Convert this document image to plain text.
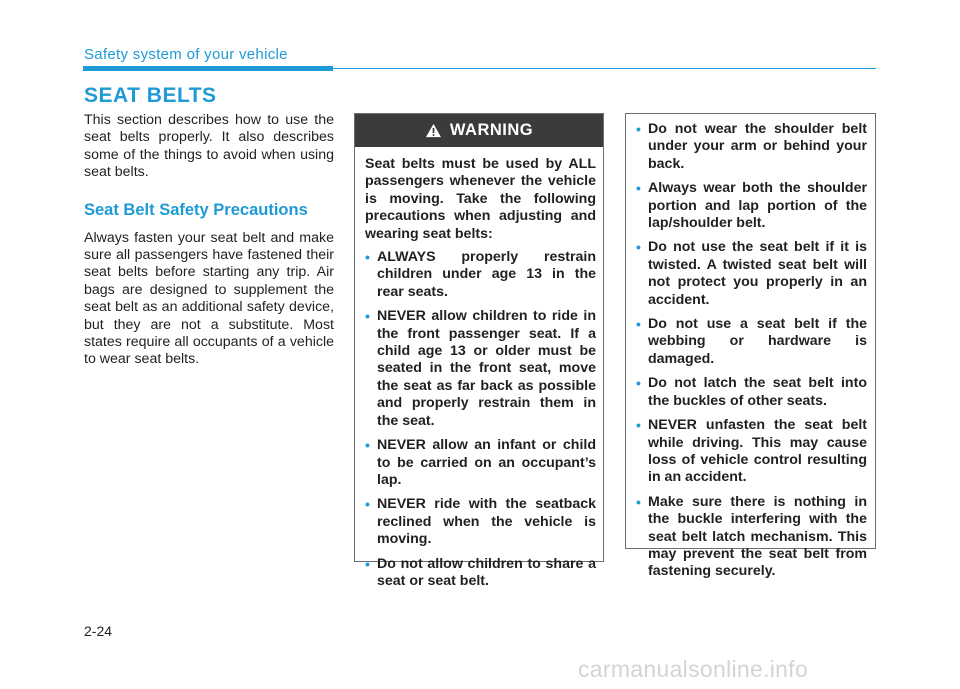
Safety system of your vehicle
SEAT BELTS

This section describes how to use the seat belts properly. It also describes some of the things to avoid when using seat belts.

Seat Belt Safety Precautions

Always fasten your seat belt and make sure all passengers have fastened their seat belts before starting any trip. Air bags are designed to supplement the seat belt as an additional safety device, but they are not a substitute. Most states require all occupants of a vehicle to wear seat belts.

WARNING

Seat belts must be used by ALL passengers whenever the vehicle is moving. Take the following precautions when adjusting and wearing seat belts:

• ALWAYS properly restrain children under age 13 in the rear seats.
• NEVER allow children to ride in the front passenger seat. If a child age 13 or older must be seated in the front seat, move the seat as far back as possible and properly restrain them in the seat.
• NEVER allow an infant or child to be carried on an occupant’s lap.
• NEVER ride with the seatback reclined when the vehicle is moving.
• Do not allow children to share a seat or seat belt.
• Do not wear the shoulder belt under your arm or behind your back.
• Always wear both the shoulder portion and lap portion of the lap/shoulder belt.
• Do not use the seat belt if it is twisted. A twisted seat belt will not protect you properly in an accident.
• Do not use a seat belt if the webbing or hardware is damaged.
• Do not latch the seat belt into the buckles of other seats.
• NEVER unfasten the seat belt while driving. This may cause loss of vehicle control resulting in an accident.
• Make sure there is nothing in the buckle interfering with the seat belt latch mechanism. This may prevent the seat belt from fastening securely.
2-24
carmanualsonline.info
